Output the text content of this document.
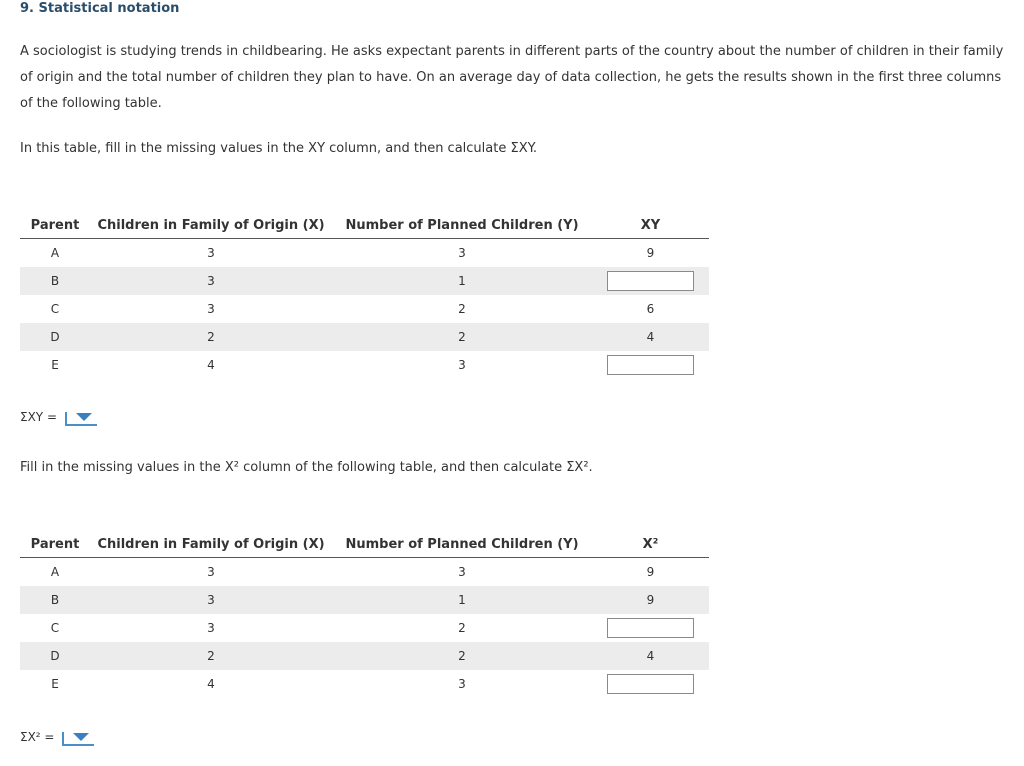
9. Statistical notation
A sociologist is studying trends in childbearing. He asks expectant parents in different parts of the country about the number of children in their family of origin and the total number of children they plan to have. On an average day of data collection, he gets the results shown in the first three columns of the following table.
In this table, fill in the missing values in the XY column, and then calculate ΣXY.
Parent	Children in Family of Origin (X)	Number of Planned Children (Y)	XY
A	3	3	9
B	3	1	
C	3	2	6
D	2	2	4
E	4	3	
ΣXY =
Fill in the missing values in the X² column of the following table, and then calculate ΣX².
Parent	Children in Family of Origin (X)	Number of Planned Children (Y)	X²
A	3	3	9
B	3	1	9
C	3	2	
D	2	2	4
E	4	3	
ΣX² =
